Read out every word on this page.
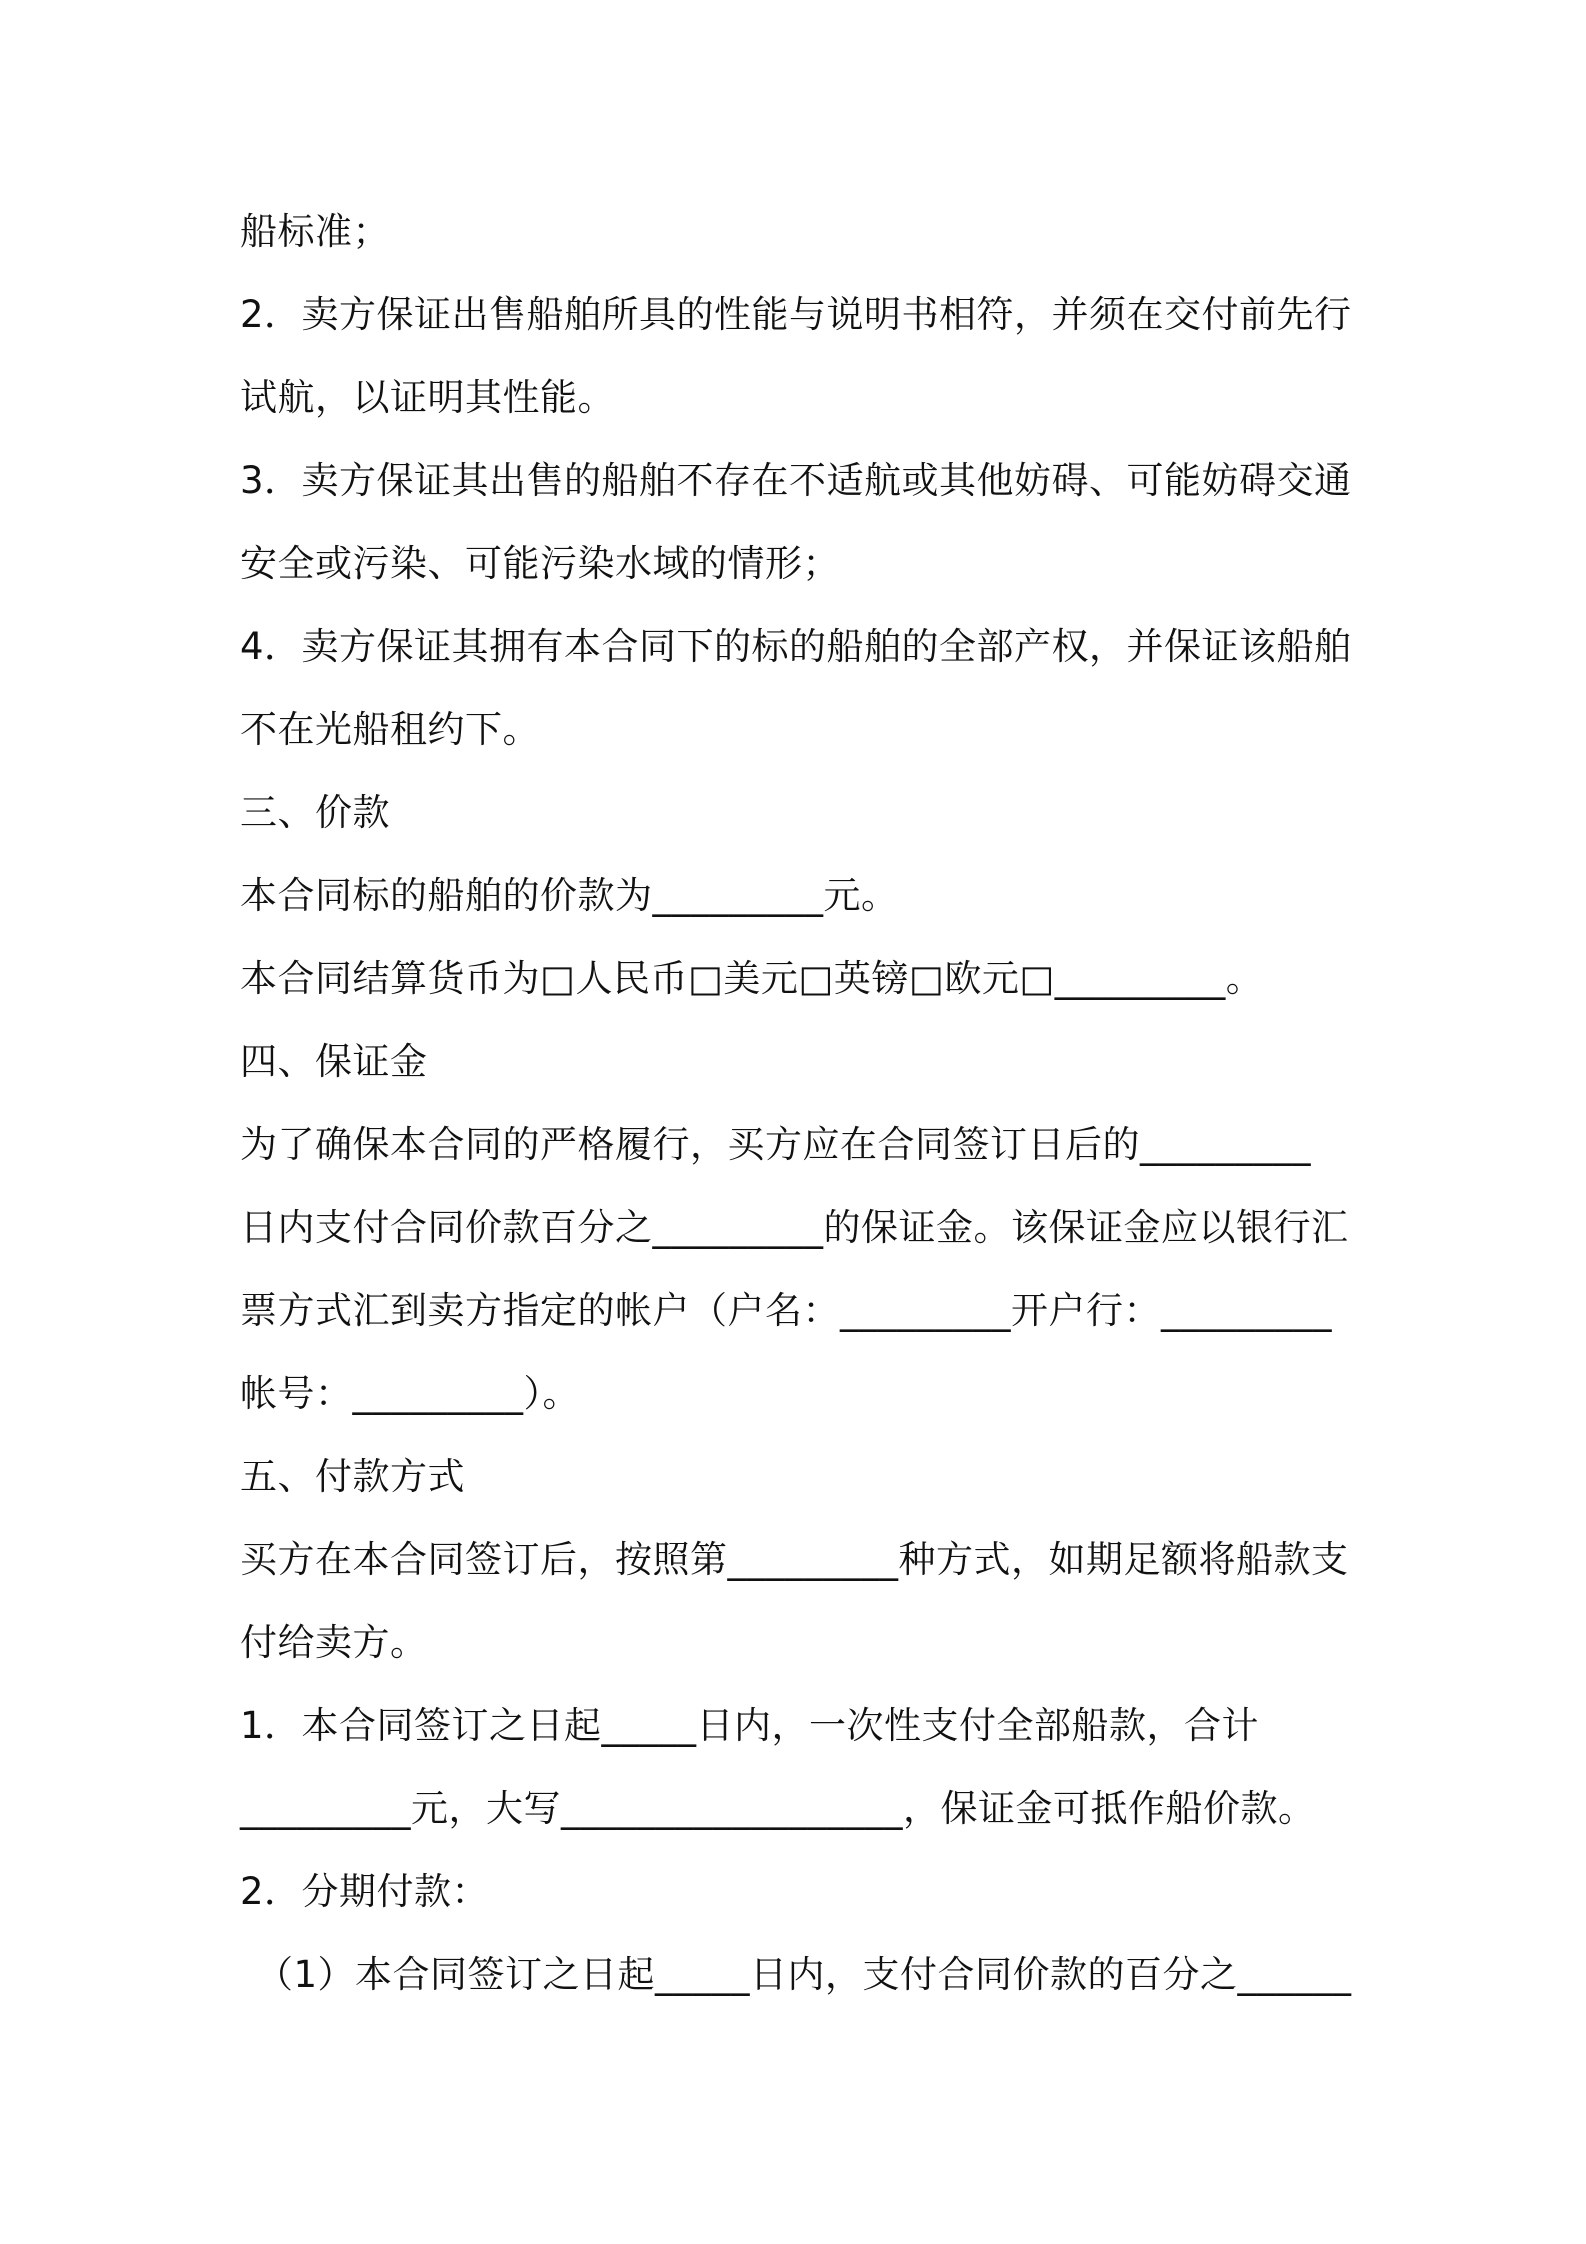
船标准；
2．卖方保证出售船舶所具的性能与说明书相符，并须在交付前先行
试航，以证明其性能。
3．卖方保证其出售的船舶不存在不适航或其他妨碍、可能妨碍交通
安全或污染、可能污染水域的情形；
4．卖方保证其拥有本合同下的标的船舶的全部产权，并保证该船舶
不在光船租约下。
三、价款
本合同标的船舶的价款为_________元。
本合同结算货币为□人民币□美元□英镑□欧元□_________。
四、保证金
为了确保本合同的严格履行，买方应在合同签订日后的_________
日内支付合同价款百分之_________的保证金。该保证金应以银行汇
票方式汇到卖方指定的帐户（户名：_________开户行：_________
帐号：_________）。
五、付款方式
买方在本合同签订后，按照第_________种方式，如期足额将船款支
付给卖方。
1．本合同签订之日起_____日内，一次性支付全部船款，合计
_________元，大写__________________，保证金可抵作船价款。
2．分期付款：
（1）本合同签订之日起_____日内，支付合同价款的百分之______
